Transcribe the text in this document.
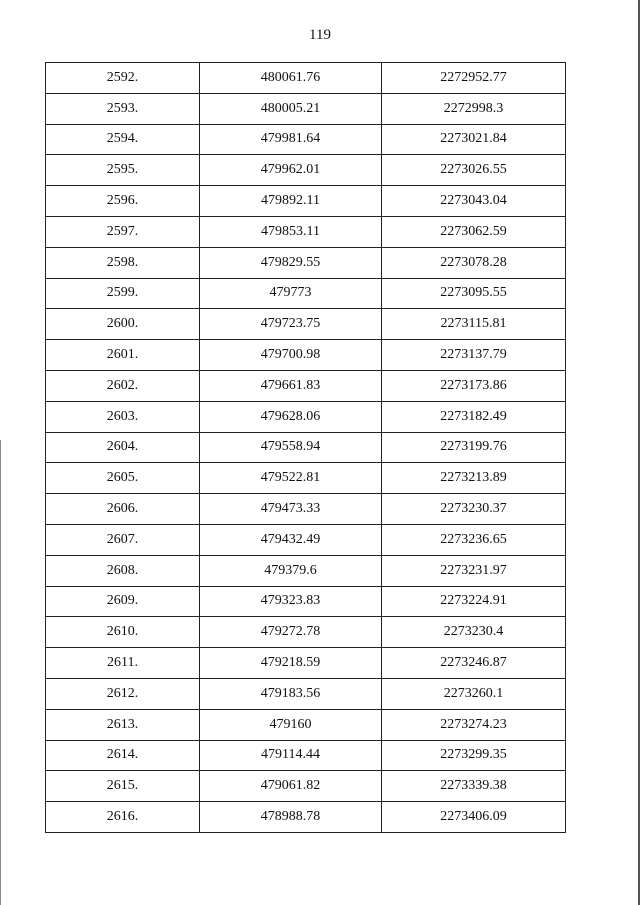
119
2592.	480061.76	2272952.77
2593.	480005.21	2272998.3
2594.	479981.64	2273021.84
2595.	479962.01	2273026.55
2596.	479892.11	2273043.04
2597.	479853.11	2273062.59
2598.	479829.55	2273078.28
2599.	479773	2273095.55
2600.	479723.75	2273115.81
2601.	479700.98	2273137.79
2602.	479661.83	2273173.86
2603.	479628.06	2273182.49
2604.	479558.94	2273199.76
2605.	479522.81	2273213.89
2606.	479473.33	2273230.37
2607.	479432.49	2273236.65
2608.	479379.6	2273231.97
2609.	479323.83	2273224.91
2610.	479272.78	2273230.4
2611.	479218.59	2273246.87
2612.	479183.56	2273260.1
2613.	479160	2273274.23
2614.	479114.44	2273299.35
2615.	479061.82	2273339.38
2616.	478988.78	2273406.09
